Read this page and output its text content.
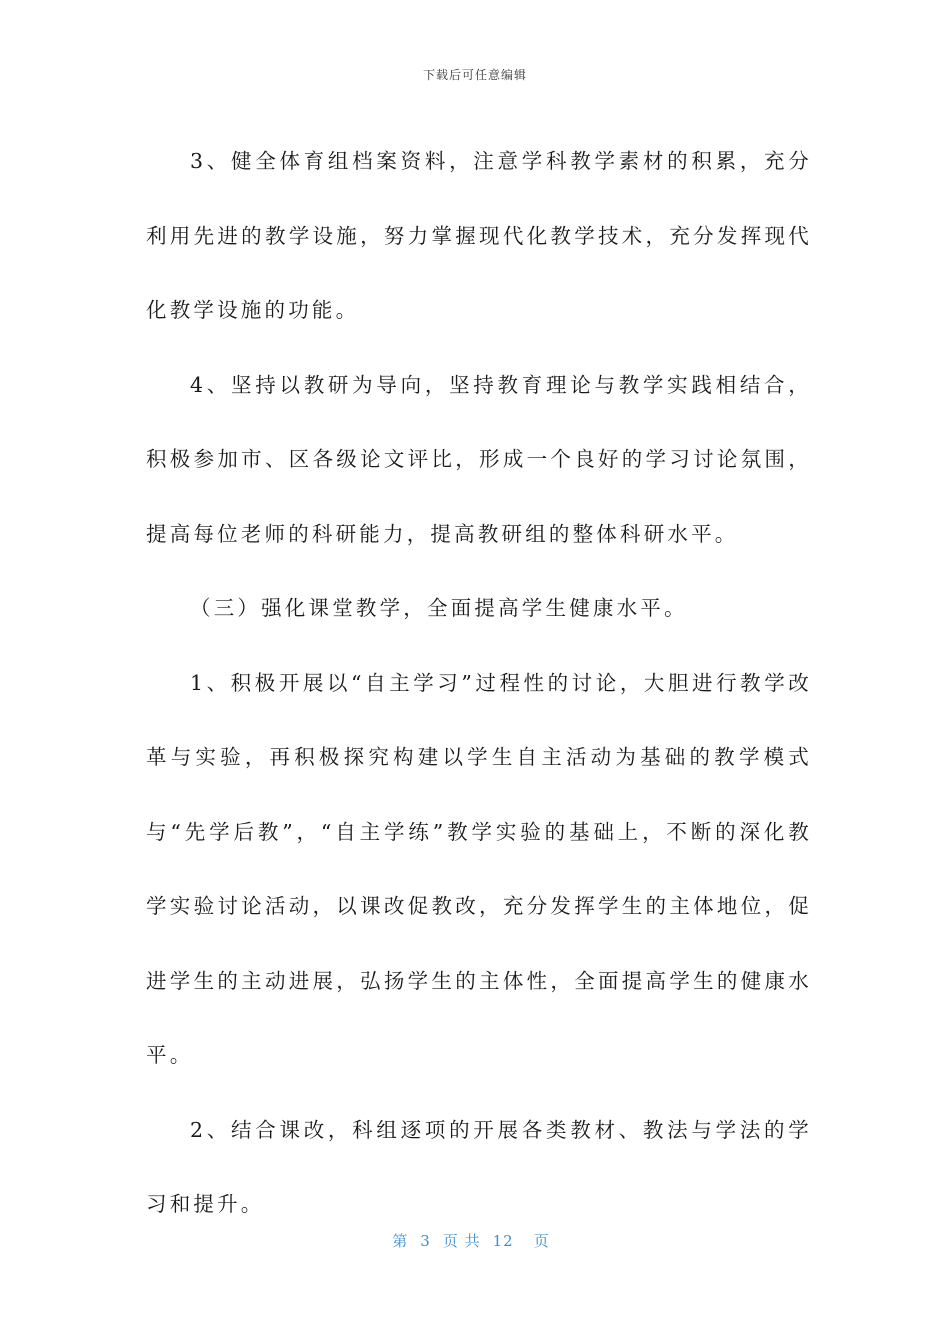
下载后可任意编辑

3、健全体育组档案资料，注意学科教学素材的积累，充分利用先进的教学设施，努力掌握现代化教学技术，充分发挥现代化教学设施的功能。

4、坚持以教研为导向，坚持教育理论与教学实践相结合，积极参加市、区各级论文评比，形成一个良好的学习讨论氛围，提高每位老师的科研能力，提高教研组的整体科研水平。

（三）强化课堂教学，全面提高学生健康水平。

1、积极开展以“自主学习”过程性的讨论，大胆进行教学改革与实验，再积极探究构建以学生自主活动为基础的教学模式与“先学后教”，“自主学练”教学实验的基础上，不断的深化教学实验讨论活动，以课改促教改，充分发挥学生的主体地位，促进学生的主动进展，弘扬学生的主体性，全面提高学生的健康水平。

2、结合课改，科组逐项的开展各类教材、教法与学法的学习和提升。

第 3 页 共 12 页
